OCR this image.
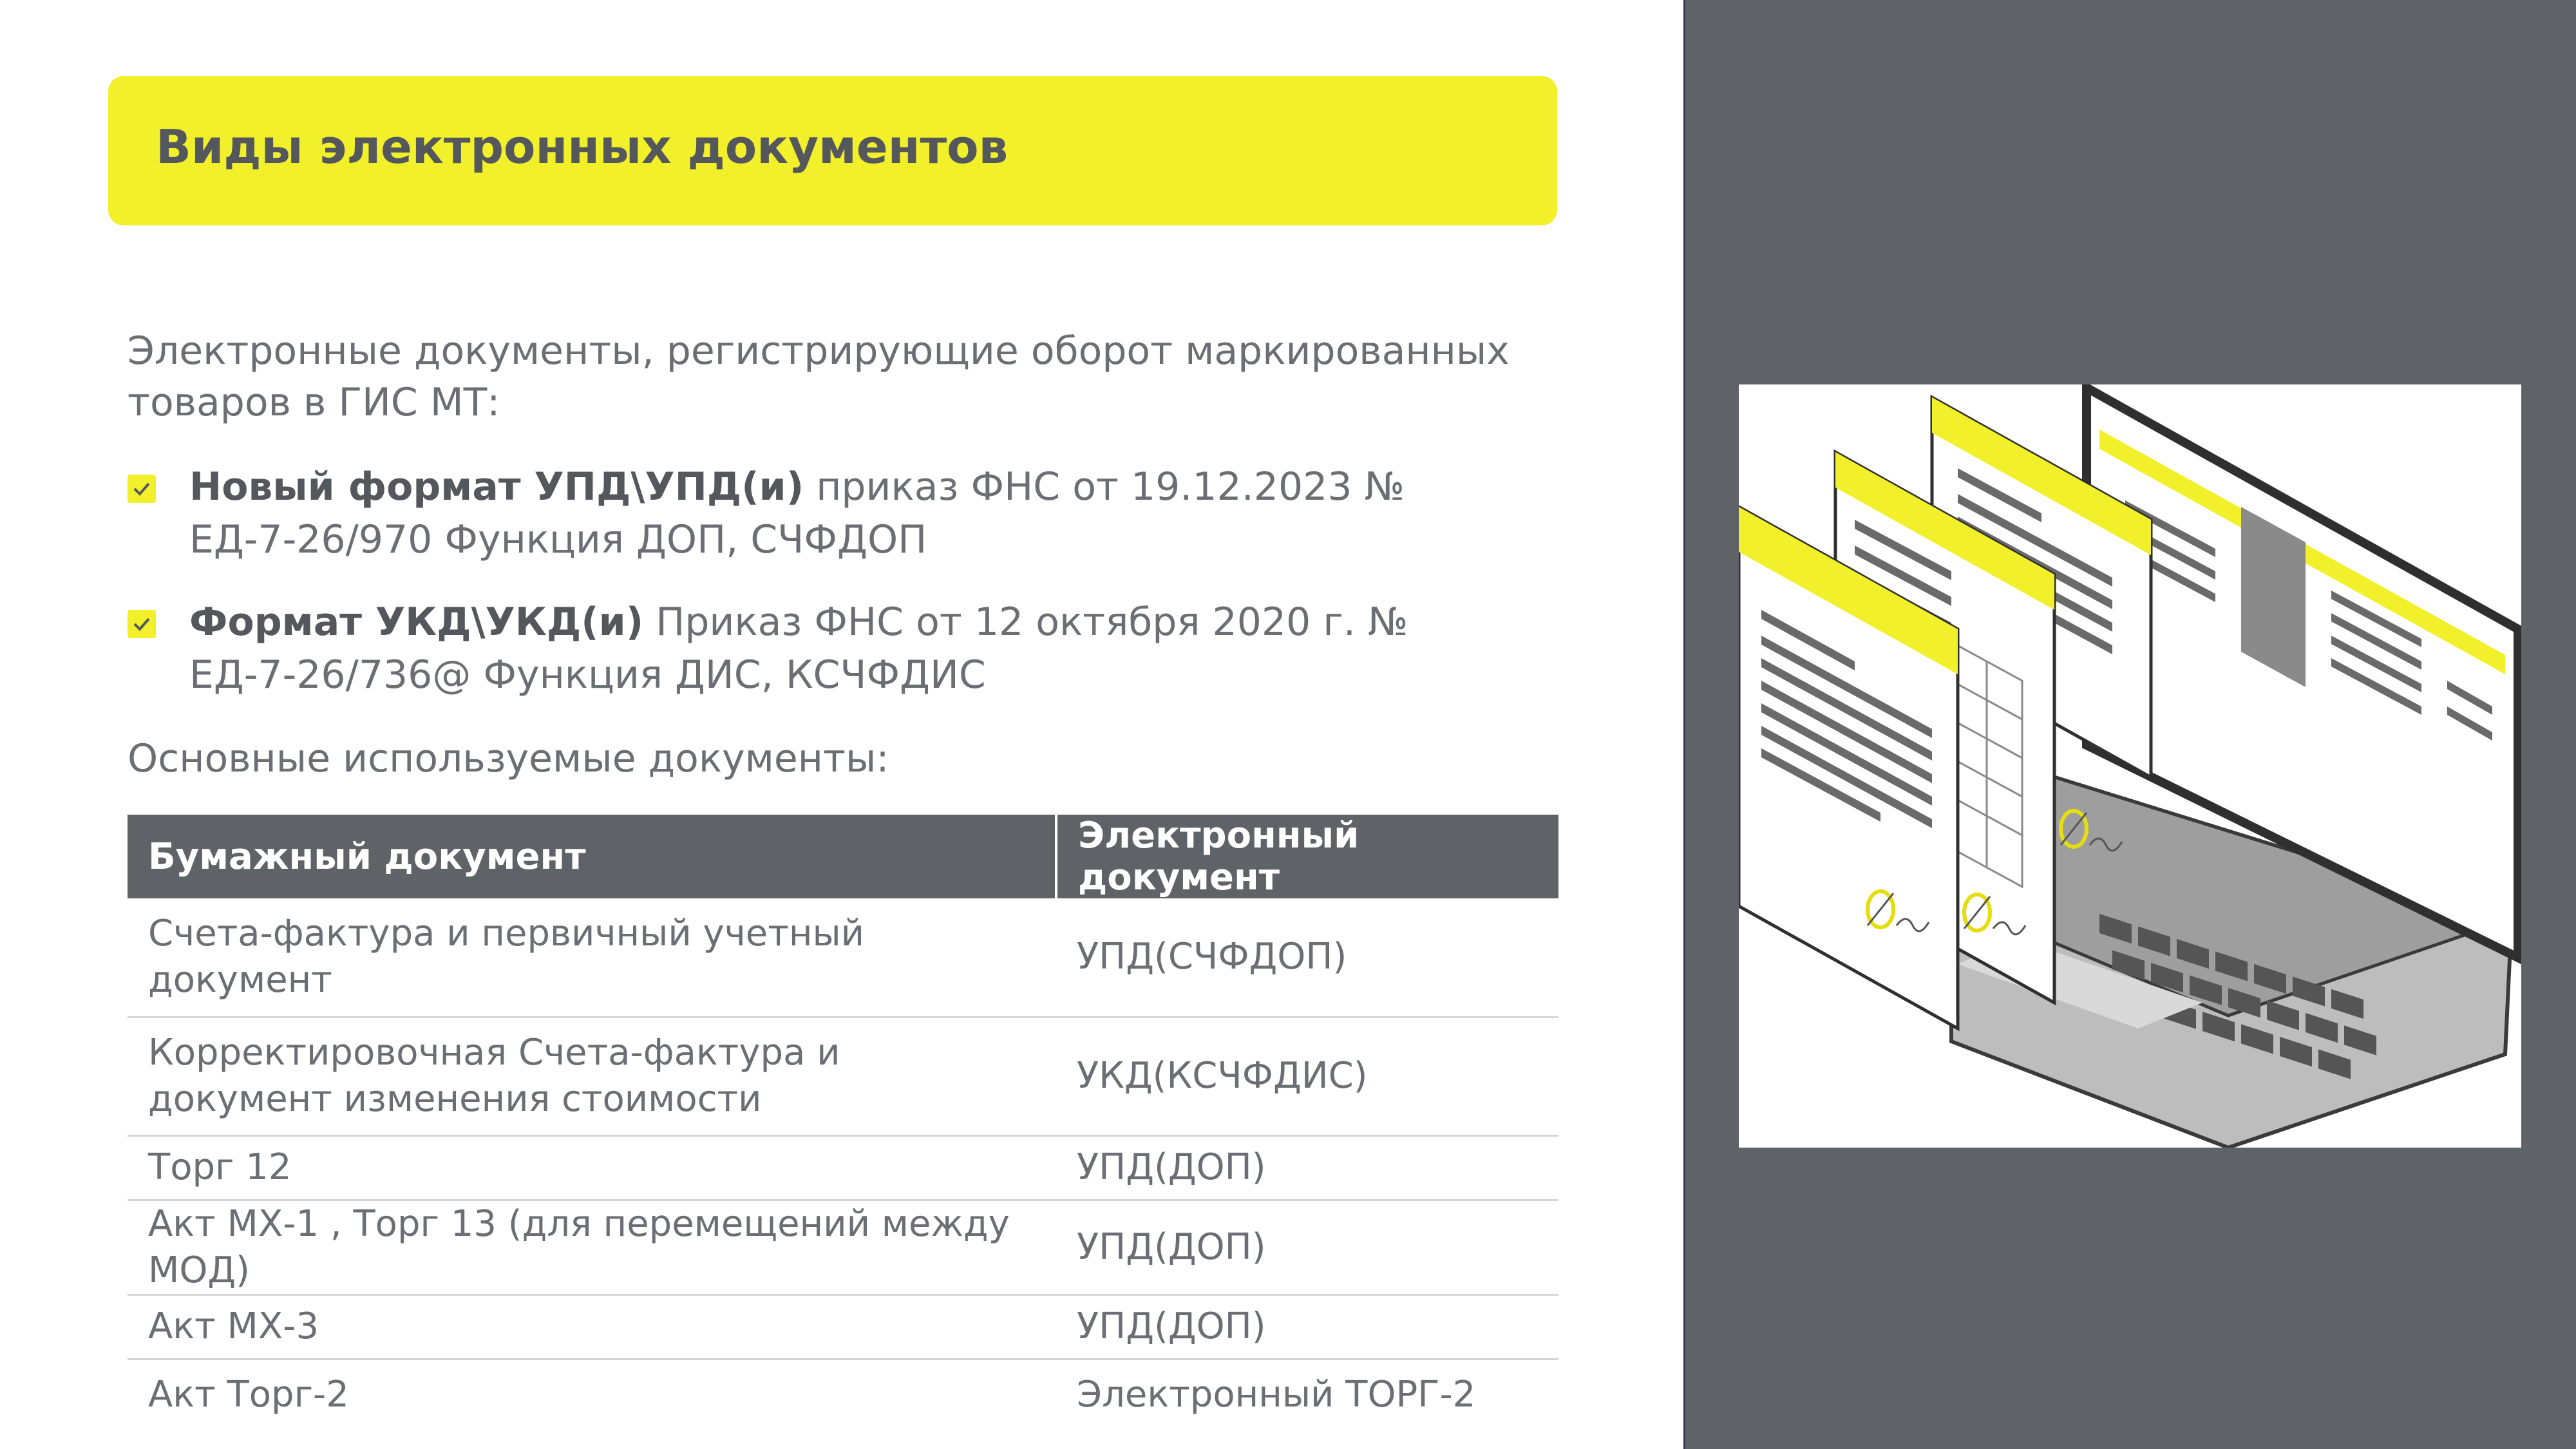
Виды электронных документов
Электронные документы, регистрирующие оборот маркированных товаров в ГИС МТ:
Новый формат УПД\УПД(и) приказ ФНС от 19.12.2023 № ЕД-7-26/970 Функция ДОП, СЧФДОП
Формат УКД\УКД(и) Приказ ФНС от 12 октября 2020 г. № ЕД-7-26/736@ Функция ДИС, КСЧФДИС
Основные используемые документы:
Бумажный документ	Электронный документ
Счета-фактура и первичный учетный документ	УПД(СЧФДОП)
Корректировочная Счета-фактура и документ изменения стоимости	УКД(КСЧФДИС)
Торг 12	УПД(ДОП)
Акт МХ-1 , Торг 13 (для перемещений между МОД)	УПД(ДОП)
Акт МХ-3	УПД(ДОП)
Акт Торг-2	Электронный ТОРГ-2
